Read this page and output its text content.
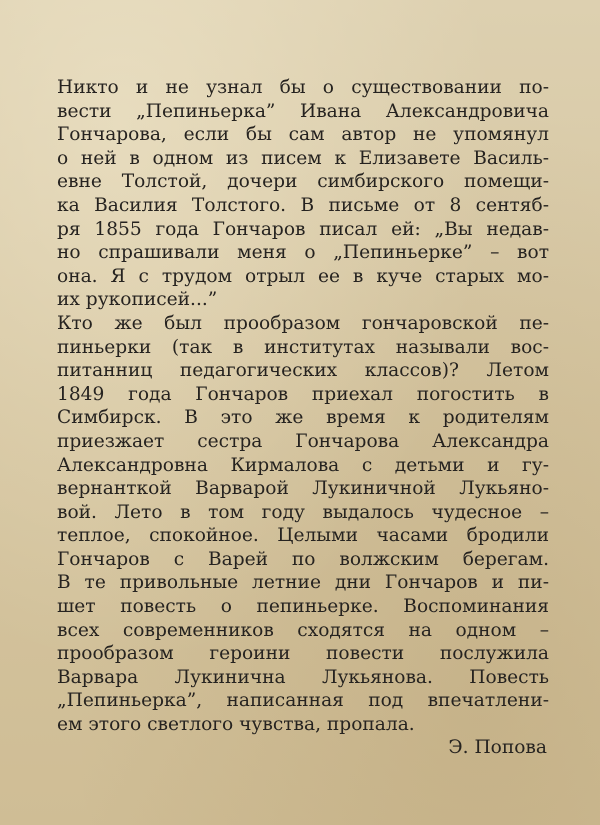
Никто и не узнал бы о существовании по-
вести „Пепиньерка” Ивана Александровича
Гончарова, если бы сам автор не упомянул
о ней в одном из писем к Елизавете Василь-
евне Толстой, дочери симбирского помещи-
ка Василия Толстого. В письме от 8 сентяб-
ря 1855 года Гончаров писал ей: „Вы недав-
но спрашивали меня о „Пепиньерке” – вот
она. Я с трудом отрыл ее в куче старых мо-
их рукописей...”

Кто же был прообразом гончаровской пе-
пиньерки (так в институтах называли вос-
питанниц педагогических классов)? Летом
1849 года Гончаров приехал погостить в
Симбирск. В это же время к родителям
приезжает сестра Гончарова Александра
Александровна Кирмалова с детьми и гу-
вернанткой Варварой Лукиничной Лукьяно-
вой. Лето в том году выдалось чудесное –
теплое, спокойное. Целыми часами бродили
Гончаров с Варей по волжским берегам.
В те привольные летние дни Гончаров и пи-
шет повесть о пепиньерке. Воспоминания
всех современников сходятся на одном –
прообразом героини повести послужила
Варвара Лукинична Лукьянова. Повесть
„Пепиньерка”, написанная под впечатлени-
ем этого светлого чувства, пропала.

Э. Попова
